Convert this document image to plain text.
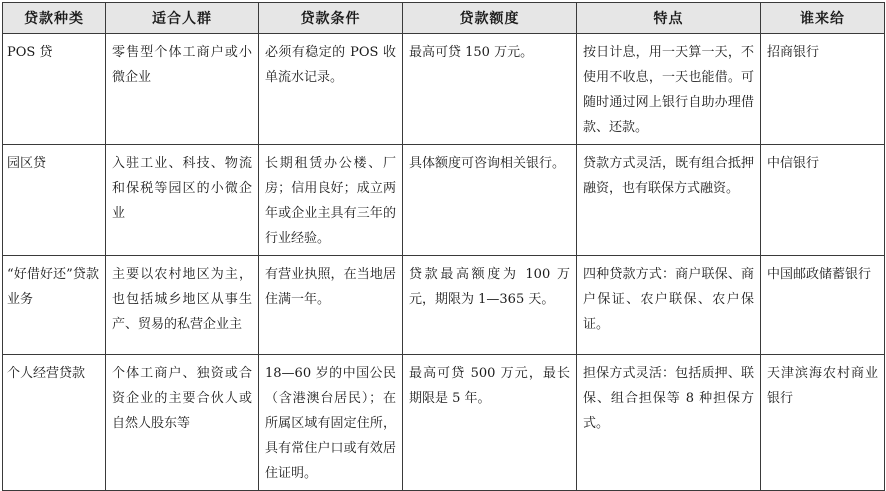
贷款种类	适合人群	贷款条件	贷款额度	特点	谁来给

POS 贷	零售型个体工商户或小微企业	必须有稳定的 POS 收单流水记录。	最高可贷 150 万元。	按日计息，用一天算一天，不使用不收息，一天也能借。可随时通过网上银行自助办理借款、还款。	招商银行

园区贷	入驻工业、科技、物流和保税等园区的小微企业	长期租赁办公楼、厂房；信用良好；成立两年或企业主具有三年的行业经验。	具体额度可咨询相关银行。	贷款方式灵活，既有组合抵押融资，也有联保方式融资。	中信银行

“好借好还”贷款业务	主要以农村地区为主，也包括城乡地区从事生产、贸易的私营企业主	有营业执照，在当地居住满一年。	贷款最高额度为 100 万元，期限为 1—365 天。	四种贷款方式：商户联保、商户保证、农户联保、农户保证。	中国邮政储蓄银行

个人经营贷款	个体工商户、独资或合资企业的主要合伙人或自然人股东等	18—60 岁的中国公民（含港澳台居民）；在所属区域有固定住所，具有常住户口或有效居住证明。	最高可贷 500 万元，最长期限是 5 年。	担保方式灵活：包括质押、联保、组合担保等 8 种担保方式。	天津滨海农村商业银行
